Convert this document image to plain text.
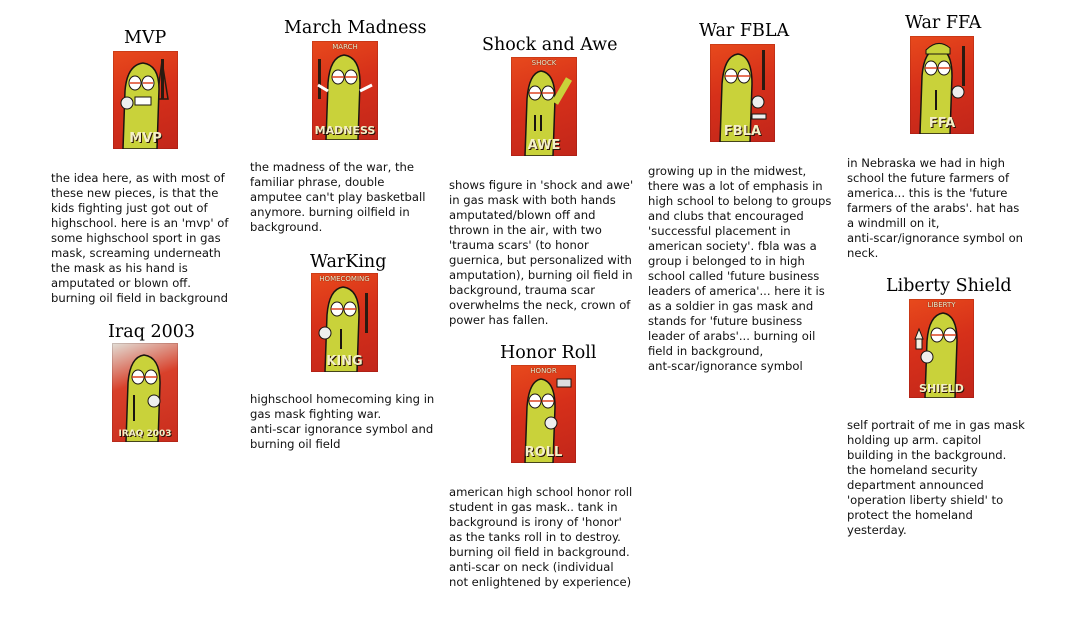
MVP
MVP
the idea here, as with most of
these new pieces, is that the
kids fighting just got out of
highschool. here is an 'mvp' of
some highschool sport in gas
mask, screaming underneath
the mask as his hand is
amputated or blown off.
burning oil field in background
Iraq 2003
IRAQ 2003
March Madness
MARCH
MADNESS
the madness of the war, the
familiar phrase, double
amputee can't play basketball
anymore. burning oilfield in
background.
WarKing
HOMECOMING
KING
highschool homecoming king in
gas mask fighting war.
anti-scar ignorance symbol and
burning oil field
Shock and Awe
SHOCK
AWE
shows figure in 'shock and awe'
in gas mask with both hands
amputated/blown off and
thrown in the air, with two
'trauma scars' (to honor
guernica, but personalized with
amputation), burning oil field in
background, trauma scar
overwhelms the neck, crown of
power has fallen.
Honor Roll
HONOR
ROLL
american high school honor roll
student in gas mask.. tank in
background is irony of 'honor'
as the tanks roll in to destroy.
burning oil field in background.
anti-scar on neck (individual
not enlightened by experience)
War FBLA
FBLA
growing up in the midwest,
there was a lot of emphasis in
high school to belong to groups
and clubs that encouraged
'successful placement in
american society'. fbla was a
group i belonged to in high
school called 'future business
leaders of america'... here it is
as a soldier in gas mask and
stands for 'future business
leader of arabs'... burning oil
field in background,
ant-scar/ignorance symbol
War FFA
FFA
in Nebraska we had in high
school the future farmers of
america... this is the 'future
farmers of the arabs'. hat has
a windmill on it,
anti-scar/ignorance symbol on
neck.
Liberty Shield
LIBERTY
SHIELD
self portrait of me in gas mask
holding up arm. capitol
building in the background.
the homeland security
department announced
'operation liberty shield' to
protect the homeland
yesterday.
